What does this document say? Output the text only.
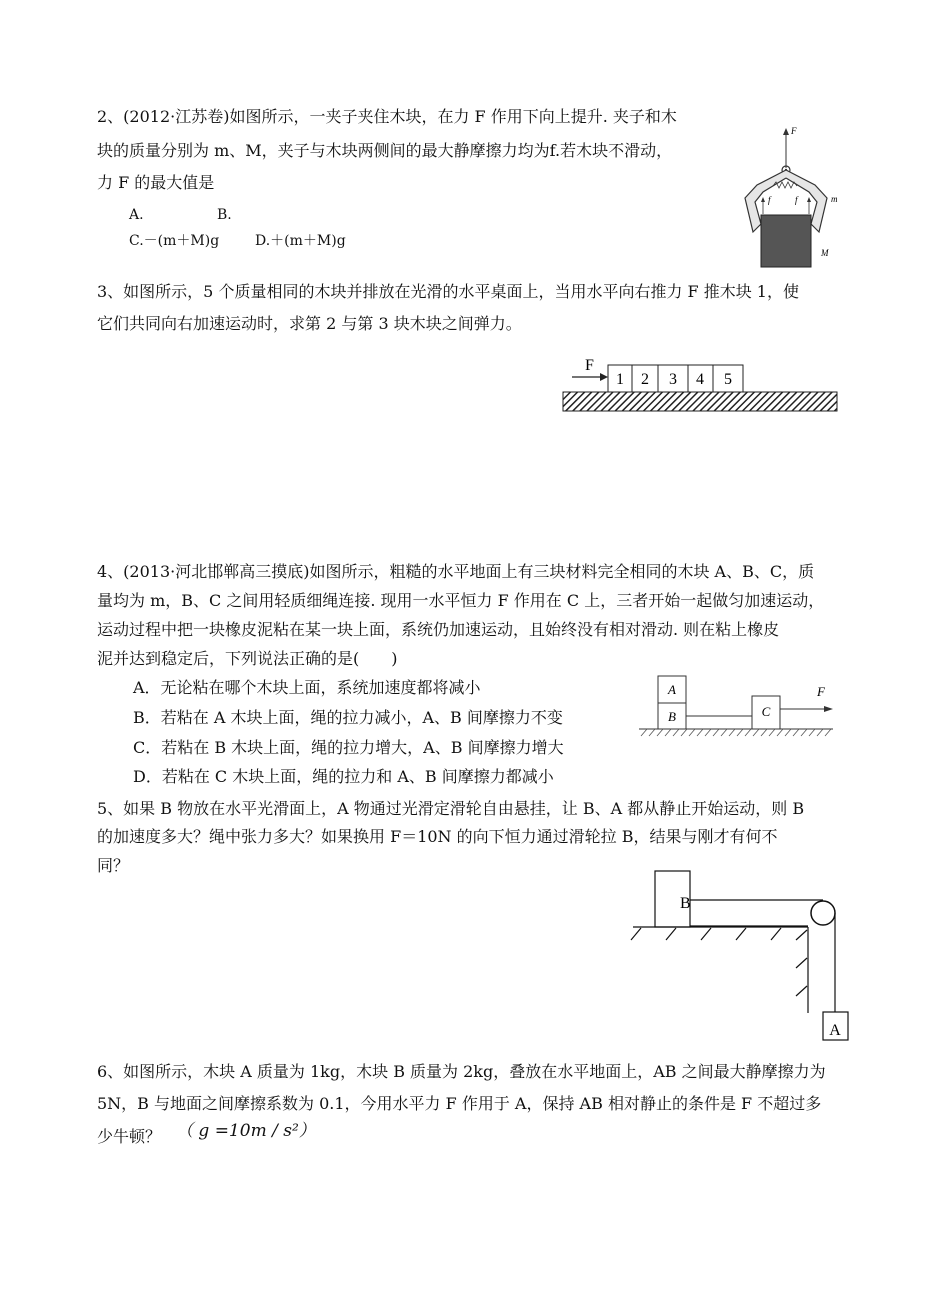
2、(2012·江苏卷)如图所示，一夹子夹住木块，在力 F 作用下向上提升. 夹子和木
块的质量分别为 m、M，夹子与木块两侧间的最大静摩擦力均为f.若木块不滑动，
力 F 的最大值是
A.	B.
C.－(m＋M)g	D.＋(m＋M)g
F
f	f	m
M
3、如图所示，5 个质量相同的木块并排放在光滑的水平桌面上，当用水平向右推力 F 推木块 1，使
它们共同向右加速运动时，求第 2 与第 3 块木块之间弹力。
F
1 2 3 4 5
4、(2013·河北邯郸高三摸底)如图所示，粗糙的水平地面上有三块材料完全相同的木块 A、B、C，质
量均为 m，B、C 之间用轻质细绳连接. 现用一水平恒力 F 作用在 C 上，三者开始一起做匀加速运动，
运动过程中把一块橡皮泥粘在某一块上面，系统仍加速运动，且始终没有相对滑动. 则在粘上橡皮
泥并达到稳定后，下列说法正确的是(　　)
A．无论粘在哪个木块上面，系统加速度都将减小
B．若粘在 A 木块上面，绳的拉力减小，A、B 间摩擦力不变
C．若粘在 B 木块上面，绳的拉力增大，A、B 间摩擦力增大
D．若粘在 C 木块上面，绳的拉力和 A、B 间摩擦力都减小
A
B	C
F
5、如果 B 物放在水平光滑面上，A 物通过光滑定滑轮自由悬挂，让 B、A 都从静止开始运动，则 B
的加速度多大？绳中张力多大？如果换用 F＝10N 的向下恒力通过滑轮拉 B，结果与刚才有何不
同？
B
A
6、如图所示，木块 A 质量为 1kg，木块 B 质量为 2kg，叠放在水平地面上，AB 之间最大静摩擦力为
5N，B 与地面之间摩擦系数为 0.1，今用水平力 F 作用于 A，保持 AB 相对静止的条件是 F 不超过多
少牛顿？ （ g =10m / s²）
